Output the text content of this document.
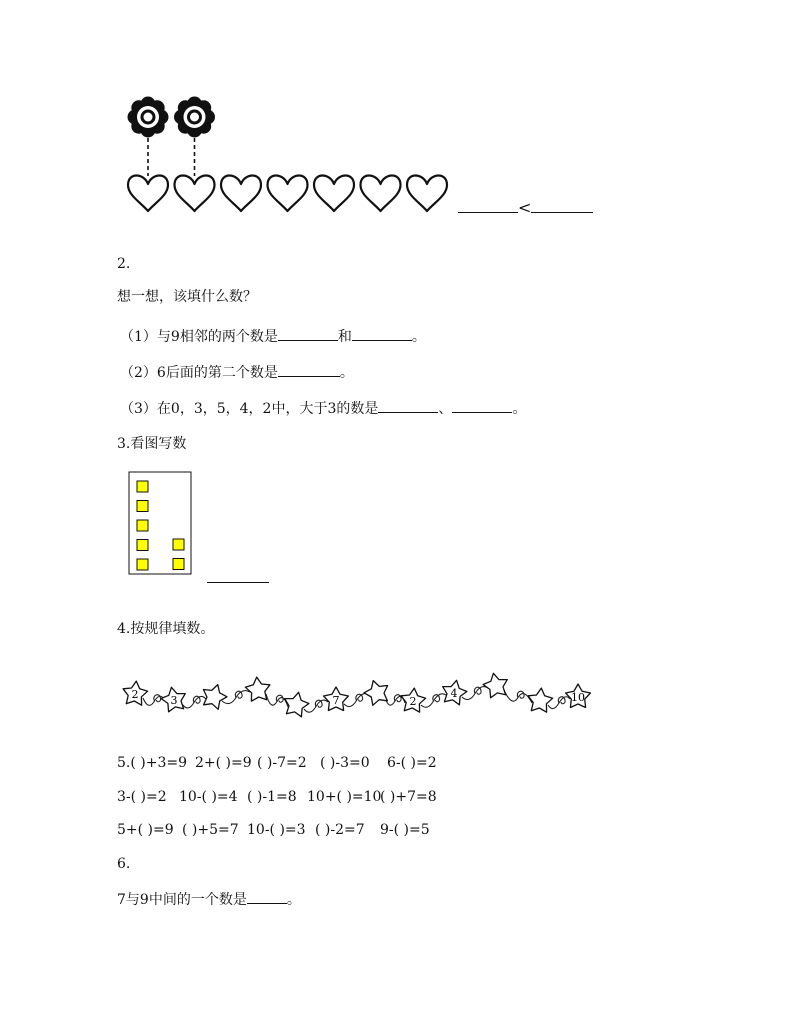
<
2.
想一想，该填什么数？
（1）与9相邻的两个数是	和	。
（2）6后面的第二个数是	。
（3）在0，3，5，4，2中，大于3的数是	、	。
3.看图写数
4.按规律填数。
2	3	7	2
4	10
5.( )+3=9 2+( )=9 ( )-7=2 ( )-3=0 6-( )=2
3-( )=2 10-( )=4 ( )-1=8 10+( )=10
( )+7=8
5+( )=9 ( )+5=7 10-( )=3 ( )-2=7 9-( )=5
6.
7与9中间的一个数是	。
